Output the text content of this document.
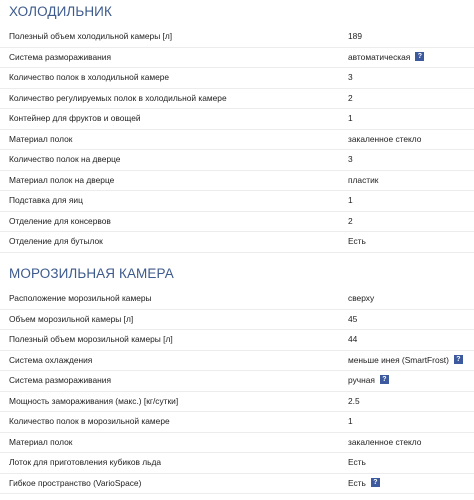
ХОЛОДИЛЬНИК
Полезный объем холодильной камеры [л]	189
Система размораживания	автоматическая ?
Количество полок в холодильной камере	3
Количество регулируемых полок в холодильной камере	2
Контейнер для фруктов и овощей	1
Материал полок	закаленное стекло
Количество полок на дверце	3
Материал полок на дверце	пластик
Подставка для яиц	1
Отделение для консервов	2
Отделение для бутылок	Есть
МОРОЗИЛЬНАЯ КАМЕРА
Расположение морозильной камеры	сверху
Объем морозильной камеры [л]	45
Полезный объем морозильной камеры [л]	44
Система охлаждения	меньше инея (SmartFrost) ?
Система размораживания	ручная ?
Мощность замораживания (макс.) [кг/сутки]	2.5
Количество полок в морозильной камере	1
Материал полок	закаленное стекло
Лоток для приготовления кубиков льда	Есть
Гибкое пространство (VarioSpace)	Есть ?
